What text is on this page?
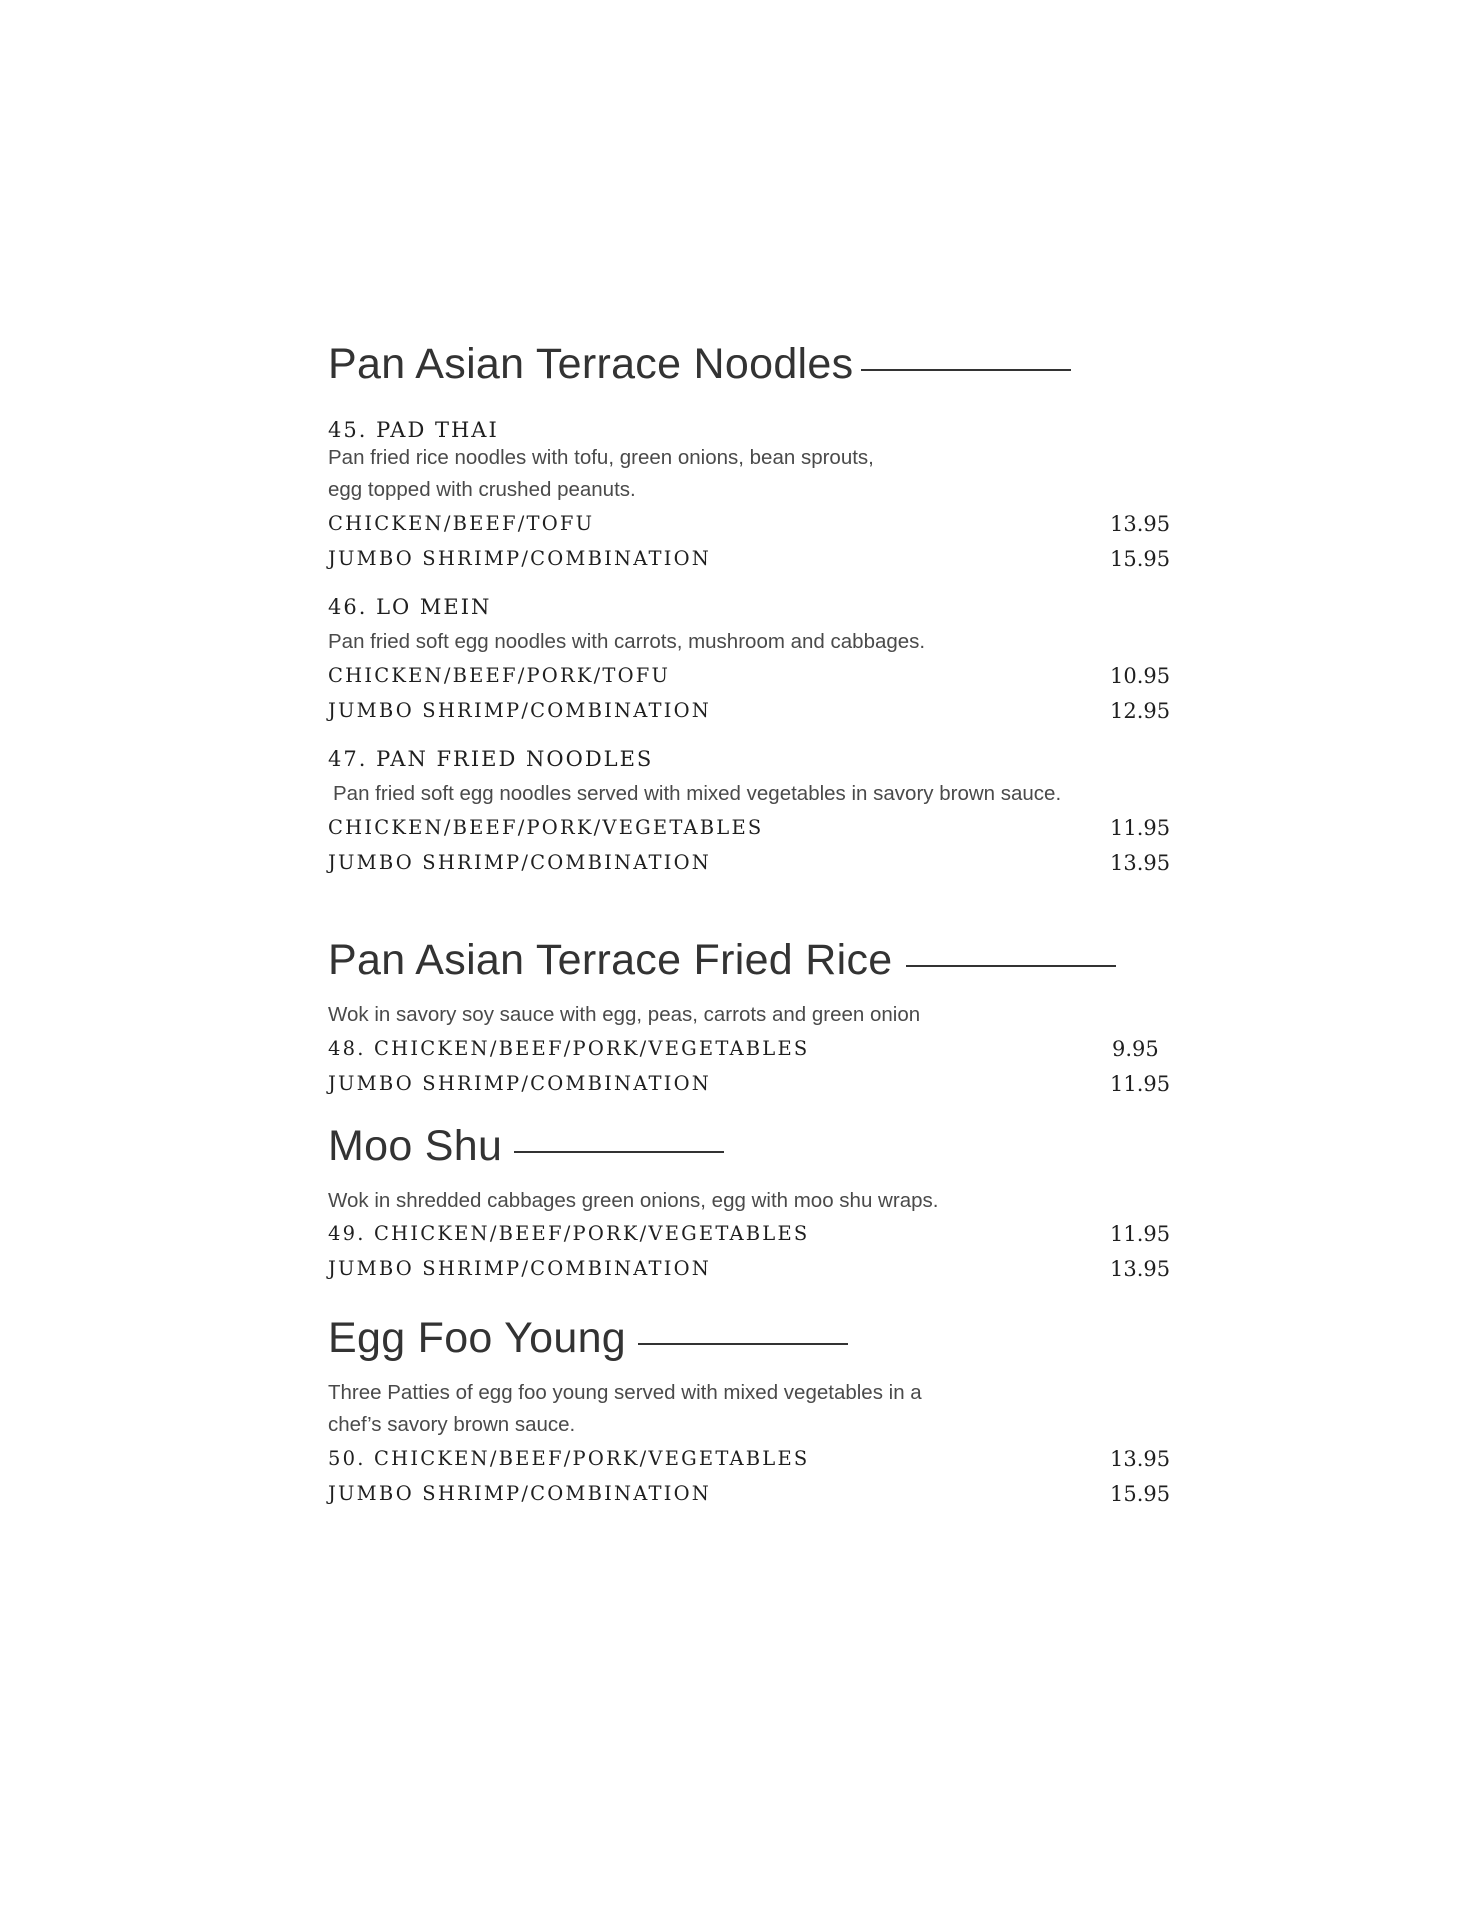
Pan Asian Terrace Noodles
45. PAD THAI
Pan fried rice noodles with tofu, green onions, bean sprouts,
egg topped with crushed peanuts.
CHICKEN/BEEF/TOFU	13.95
JUMBO SHRIMP/COMBINATION	15.95
46. LO MEIN
Pan fried soft egg noodles with carrots, mushroom and cabbages.
CHICKEN/BEEF/PORK/TOFU	10.95
JUMBO SHRIMP/COMBINATION	12.95
47. PAN FRIED NOODLES
Pan fried soft egg noodles served with mixed vegetables in savory brown sauce.
CHICKEN/BEEF/PORK/VEGETABLES	11.95
JUMBO SHRIMP/COMBINATION	13.95
Pan Asian Terrace Fried Rice
Wok in savory soy sauce with egg, peas, carrots and green onion
48. CHICKEN/BEEF/PORK/VEGETABLES	9.95
JUMBO SHRIMP/COMBINATION	11.95
Moo Shu
Wok in shredded cabbages green onions, egg with moo shu wraps.
49. CHICKEN/BEEF/PORK/VEGETABLES	11.95
JUMBO SHRIMP/COMBINATION	13.95
Egg Foo Young
Three Patties of egg foo young served with mixed vegetables in a
chef’s savory brown sauce.
50. CHICKEN/BEEF/PORK/VEGETABLES	13.95
JUMBO SHRIMP/COMBINATION	15.95
